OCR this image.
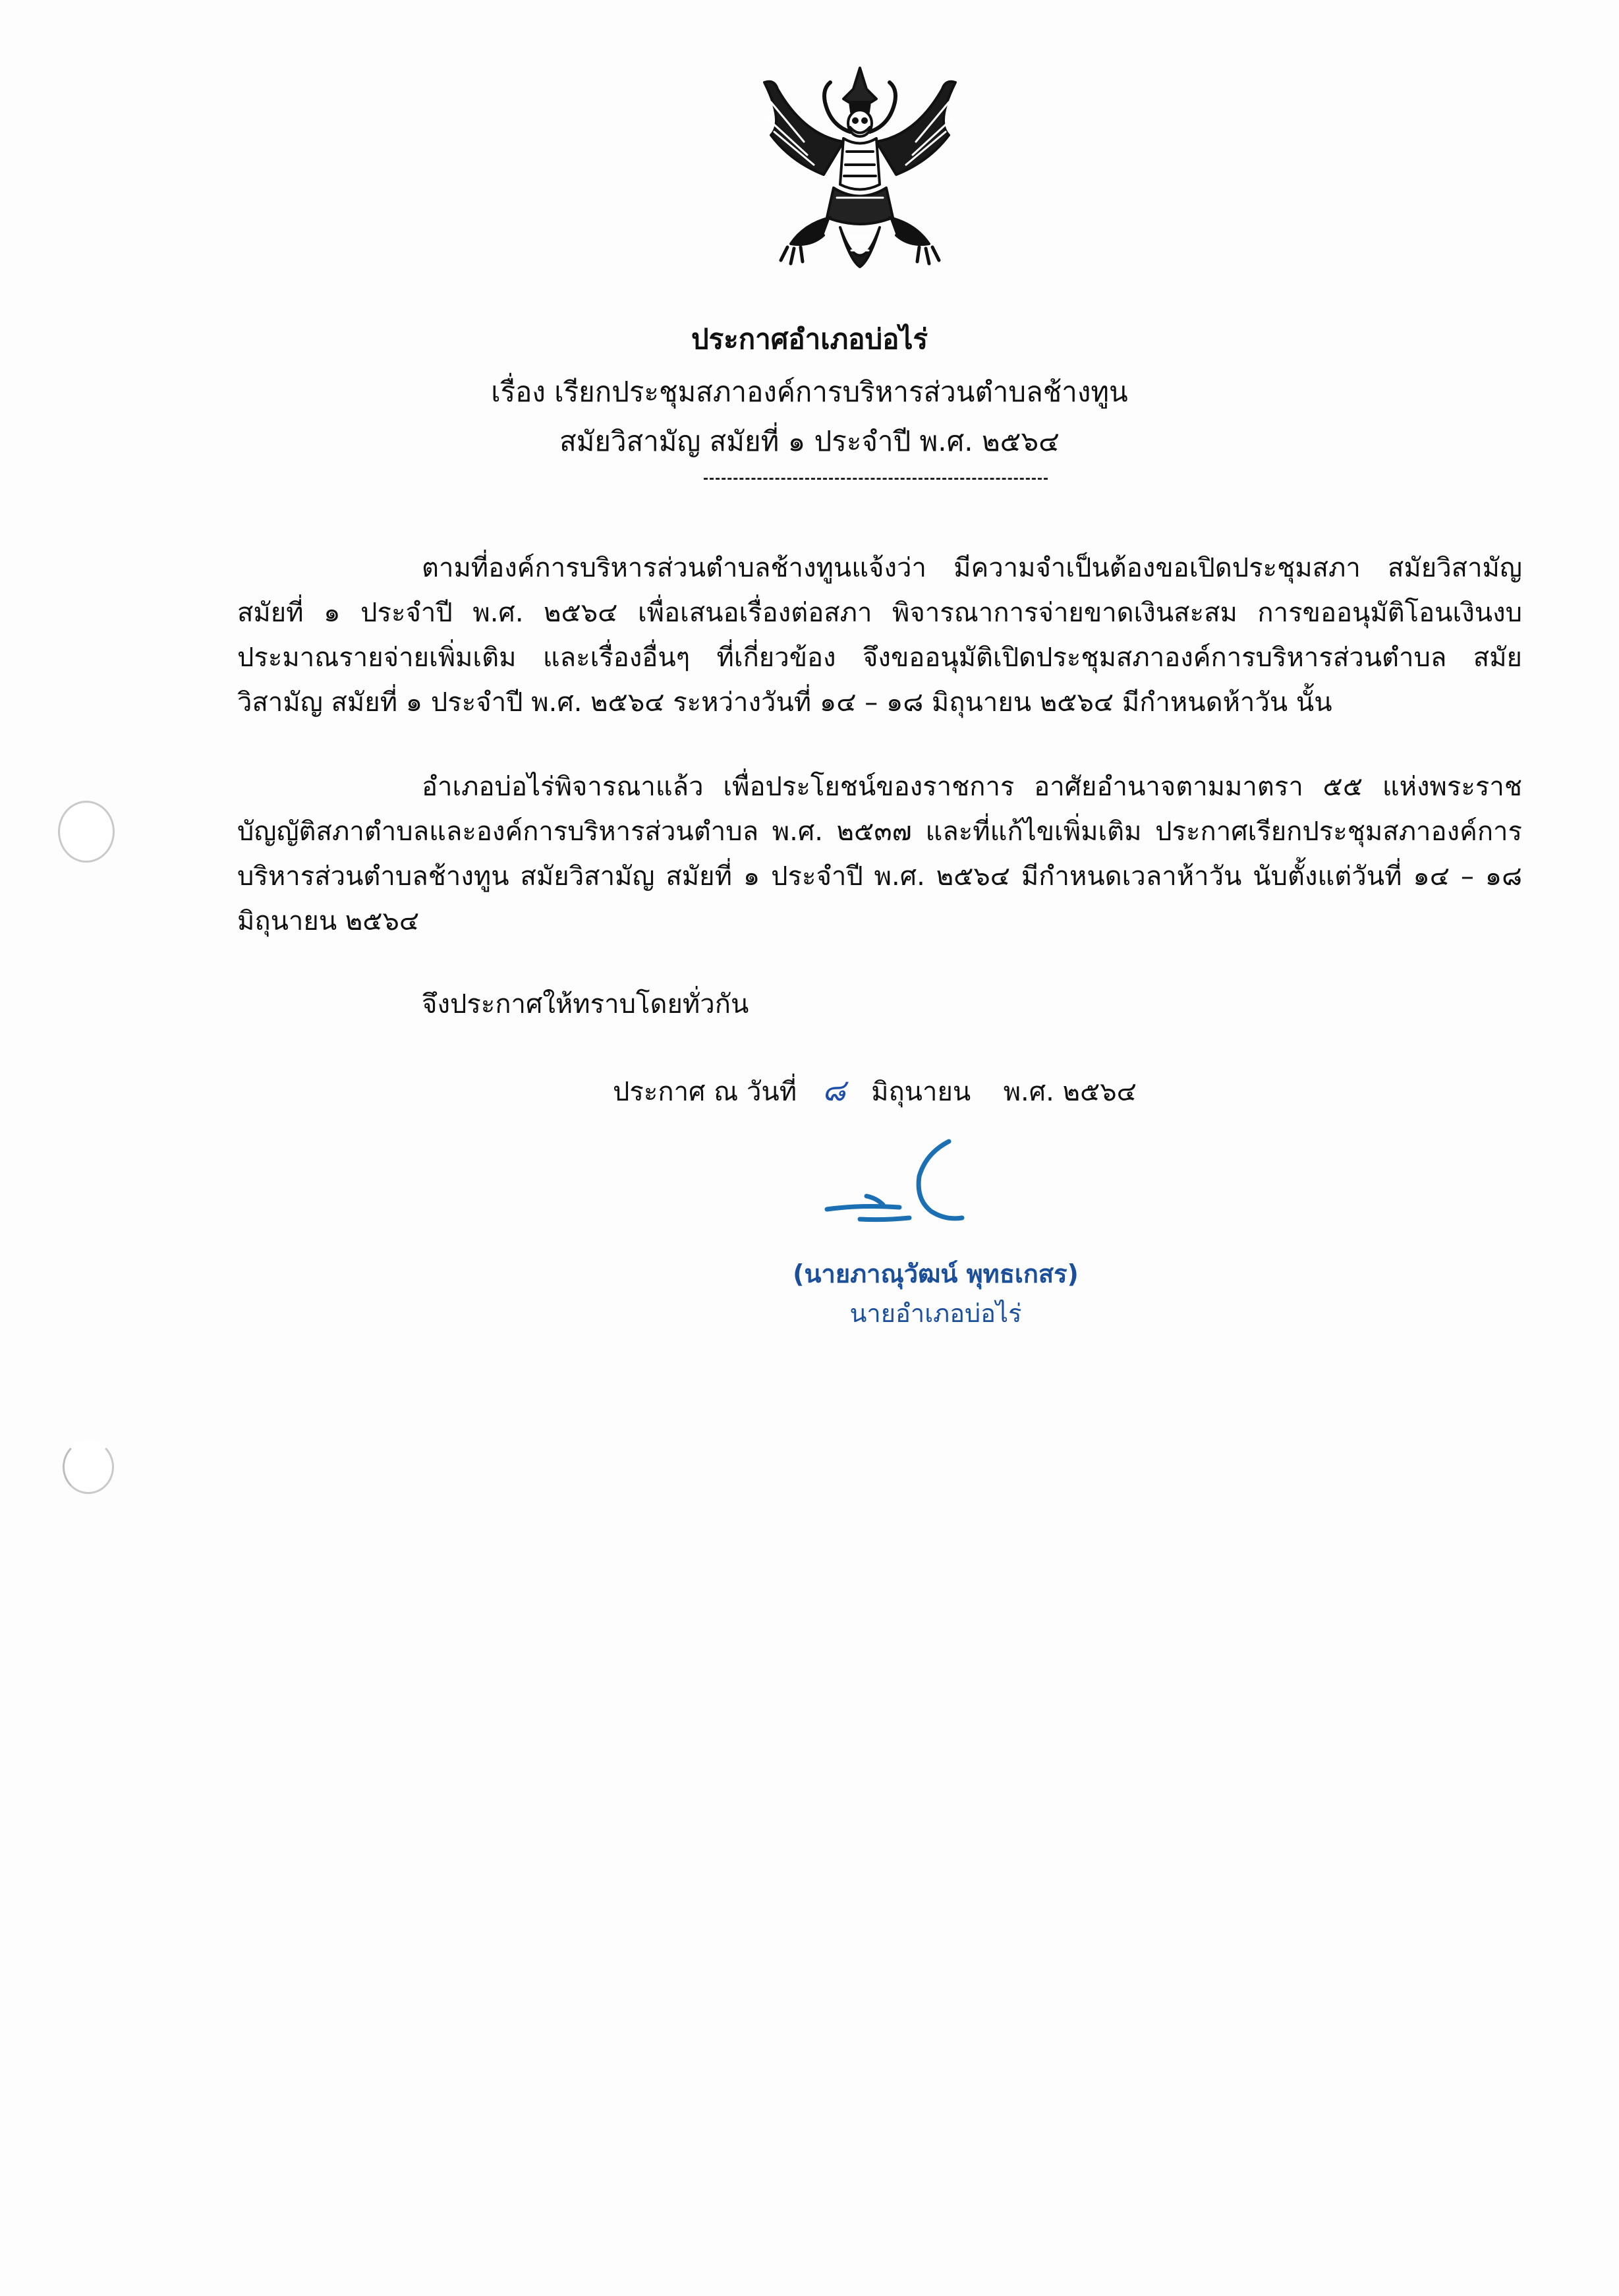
ประกาศอำเภอบ่อไร่
เรื่อง เรียกประชุมสภาองค์การบริหารส่วนตำบลช้างทูน
สมัยวิสามัญ สมัยที่ ๑ ประจำปี พ.ศ. ๒๕๖๔
ตามที่องค์การบริหารส่วนตำบลช้างทูนแจ้งว่า มีความจำเป็นต้องขอเปิดประชุมสภา สมัยวิสามัญ สมัยที่ ๑ ประจำปี พ.ศ. ๒๕๖๔ เพื่อเสนอเรื่องต่อสภา พิจารณาการจ่ายขาดเงินสะสม การขออนุมัติโอนเงินงบประมาณรายจ่ายเพิ่มเติม และเรื่องอื่นๆ ที่เกี่ยวข้อง จึงขออนุมัติเปิดประชุมสภาองค์การบริหารส่วนตำบล สมัยวิสามัญ สมัยที่ ๑ ประจำปี พ.ศ. ๒๕๖๔ ระหว่างวันที่ ๑๔ – ๑๘ มิถุนายน ๒๕๖๔ มีกำหนดห้าวัน นั้น
อำเภอบ่อไร่พิจารณาแล้ว เพื่อประโยชน์ของราชการ อาศัยอำนาจตามมาตรา ๕๕ แห่งพระราชบัญญัติสภาตำบลและองค์การบริหารส่วนตำบล พ.ศ. ๒๕๓๗ และที่แก้ไขเพิ่มเติม ประกาศเรียกประชุมสภาองค์การบริหารส่วนตำบลช้างทูน สมัยวิสามัญ สมัยที่ ๑ ประจำปี พ.ศ. ๒๕๖๔ มีกำหนดเวลาห้าวัน นับตั้งแต่วันที่ ๑๔ – ๑๘ มิถุนายน ๒๕๖๔
จึงประกาศให้ทราบโดยทั่วกัน
ประกาศ ณ วันที่ ๘ มิถุนายน พ.ศ. ๒๕๖๔
(นายภาณุวัฒน์ พุทธเกสร)
นายอำเภอบ่อไร่
